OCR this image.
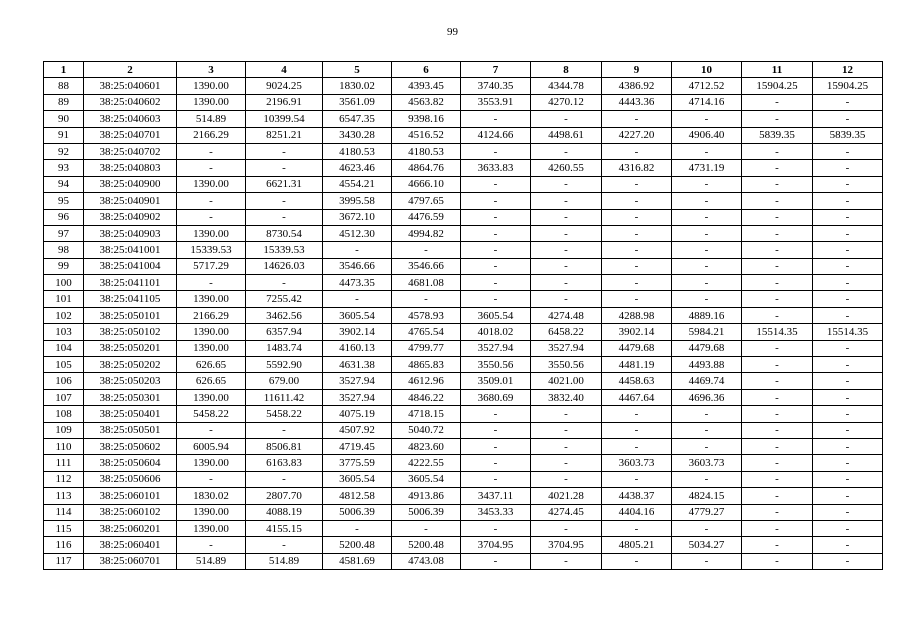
99
1	2	3	4	5	6	7	8	9	10	11	12
88	38:25:040601	1390.00	9024.25	1830.02	4393.45	3740.35	4344.78	4386.92	4712.52	15904.25	15904.25
89	38:25:040602	1390.00	2196.91	3561.09	4563.82	3553.91	4270.12	4443.36	4714.16	-	-
90	38:25:040603	514.89	10399.54	6547.35	9398.16	-	-	-	-	-	-
91	38:25:040701	2166.29	8251.21	3430.28	4516.52	4124.66	4498.61	4227.20	4906.40	5839.35	5839.35
92	38:25:040702	-	-	4180.53	4180.53	-	-	-	-	-	-
93	38:25:040803	-	-	4623.46	4864.76	3633.83	4260.55	4316.82	4731.19	-	-
94	38:25:040900	1390.00	6621.31	4554.21	4666.10	-	-	-	-	-	-
95	38:25:040901	-	-	3995.58	4797.65	-	-	-	-	-	-
96	38:25:040902	-	-	3672.10	4476.59	-	-	-	-	-	-
97	38:25:040903	1390.00	8730.54	4512.30	4994.82	-	-	-	-	-	-
98	38:25:041001	15339.53	15339.53	-	-	-	-	-	-	-	-
99	38:25:041004	5717.29	14626.03	3546.66	3546.66	-	-	-	-	-	-
100	38:25:041101	-	-	4473.35	4681.08	-	-	-	-	-	-
101	38:25:041105	1390.00	7255.42	-	-	-	-	-	-	-	-
102	38:25:050101	2166.29	3462.56	3605.54	4578.93	3605.54	4274.48	4288.98	4889.16	-	-
103	38:25:050102	1390.00	6357.94	3902.14	4765.54	4018.02	6458.22	3902.14	5984.21	15514.35	15514.35
104	38:25:050201	1390.00	1483.74	4160.13	4799.77	3527.94	3527.94	4479.68	4479.68	-	-
105	38:25:050202	626.65	5592.90	4631.38	4865.83	3550.56	3550.56	4481.19	4493.88	-	-
106	38:25:050203	626.65	679.00	3527.94	4612.96	3509.01	4021.00	4458.63	4469.74	-	-
107	38:25:050301	1390.00	11611.42	3527.94	4846.22	3680.69	3832.40	4467.64	4696.36	-	-
108	38:25:050401	5458.22	5458.22	4075.19	4718.15	-	-	-	-	-	-
109	38:25:050501	-	-	4507.92	5040.72	-	-	-	-	-	-
110	38:25:050602	6005.94	8506.81	4719.45	4823.60	-	-	-	-	-	-
111	38:25:050604	1390.00	6163.83	3775.59	4222.55	-	-	3603.73	3603.73	-	-
112	38:25:050606	-	-	3605.54	3605.54	-	-	-	-	-	-
113	38:25:060101	1830.02	2807.70	4812.58	4913.86	3437.11	4021.28	4438.37	4824.15	-	-
114	38:25:060102	1390.00	4088.19	5006.39	5006.39	3453.33	4274.45	4404.16	4779.27	-	-
115	38:25:060201	1390.00	4155.15	-	-	-	-	-	-	-	-
116	38:25:060401	-	-	5200.48	5200.48	3704.95	3704.95	4805.21	5034.27	-	-
117	38:25:060701	514.89	514.89	4581.69	4743.08	-	-	-	-	-	-
